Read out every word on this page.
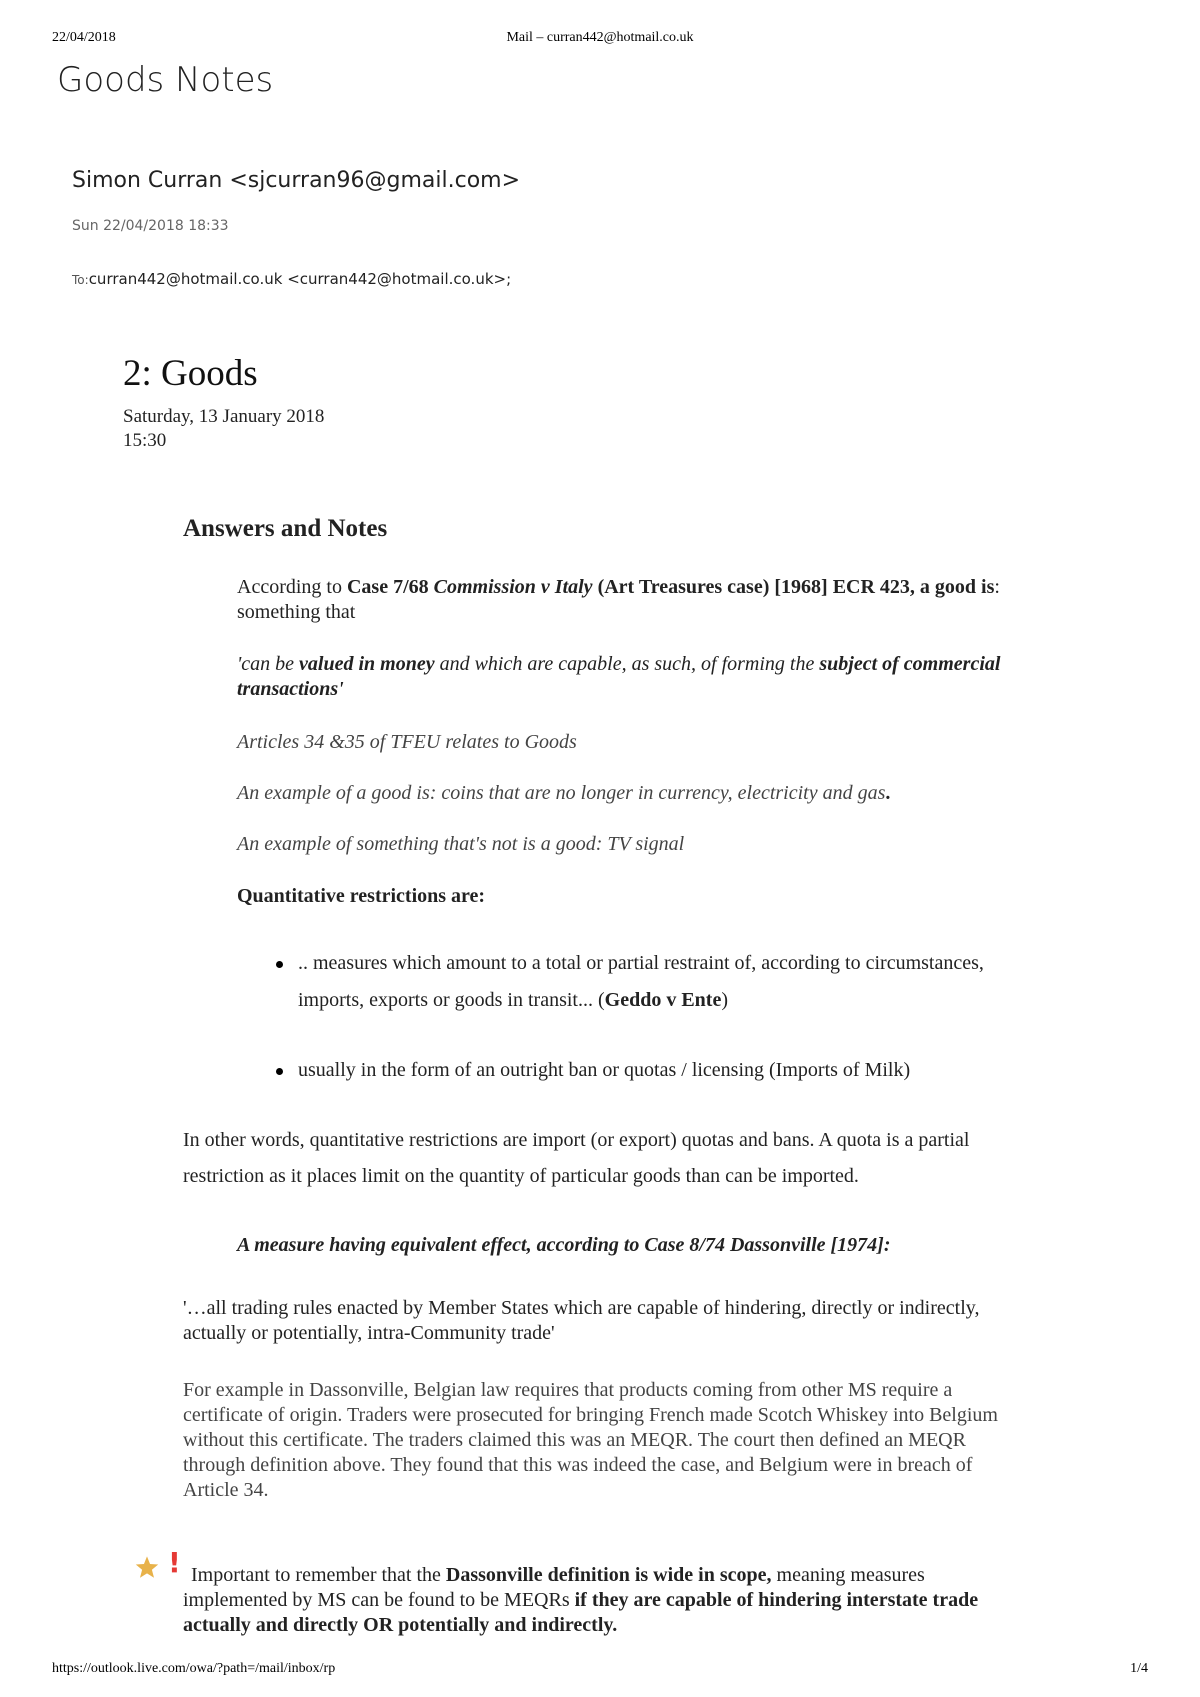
22/04/2018	Mail – curran442@hotmail.co.uk
Goods Notes
Simon Curran <sjcurran96@gmail.com>
Sun 22/04/2018 18:33
To:curran442@hotmail.co.uk <curran442@hotmail.co.uk>;
2: Goods
Saturday, 13 January 2018
15:30
Answers and Notes
According to Case 7/68 Commission v Italy (Art Treasures case) [1968] ECR 423, a good is: something that
'can be valued in money and which are capable, as such, of forming the subject of commercial transactions'
Articles 34 &35 of TFEU relates to Goods
An example of a good is: coins that are no longer in currency, electricity and gas.
An example of something that's not is a good: TV signal
Quantitative restrictions are:
.. measures which amount to a total or partial restraint of, according to circumstances, imports, exports or goods in transit... (Geddo v Ente)
usually in the form of an outright ban or quotas / licensing (Imports of Milk)
In other words, quantitative restrictions are import (or export) quotas and bans. A quota is a partial restriction as it places limit on the quantity of particular goods than can be imported.
A measure having equivalent effect, according to Case 8/74 Dassonville [1974]:
'…all trading rules enacted by Member States which are capable of hindering, directly or indirectly, actually or potentially, intra-Community trade'
For example in Dassonville, Belgian law requires that products coming from other MS require a certificate of origin. Traders were prosecuted for bringing French made Scotch Whiskey into Belgium without this certificate. The traders claimed this was an MEQR. The court then defined an MEQR through definition above. They found that this was indeed the case, and Belgium were in breach of Article 34.
! Important to remember that the Dassonville definition is wide in scope, meaning measures implemented by MS can be found to be MEQRs if they are capable of hindering interstate trade actually and directly OR potentially and indirectly.
https://outlook.live.com/owa/?path=/mail/inbox/rp	1/4
